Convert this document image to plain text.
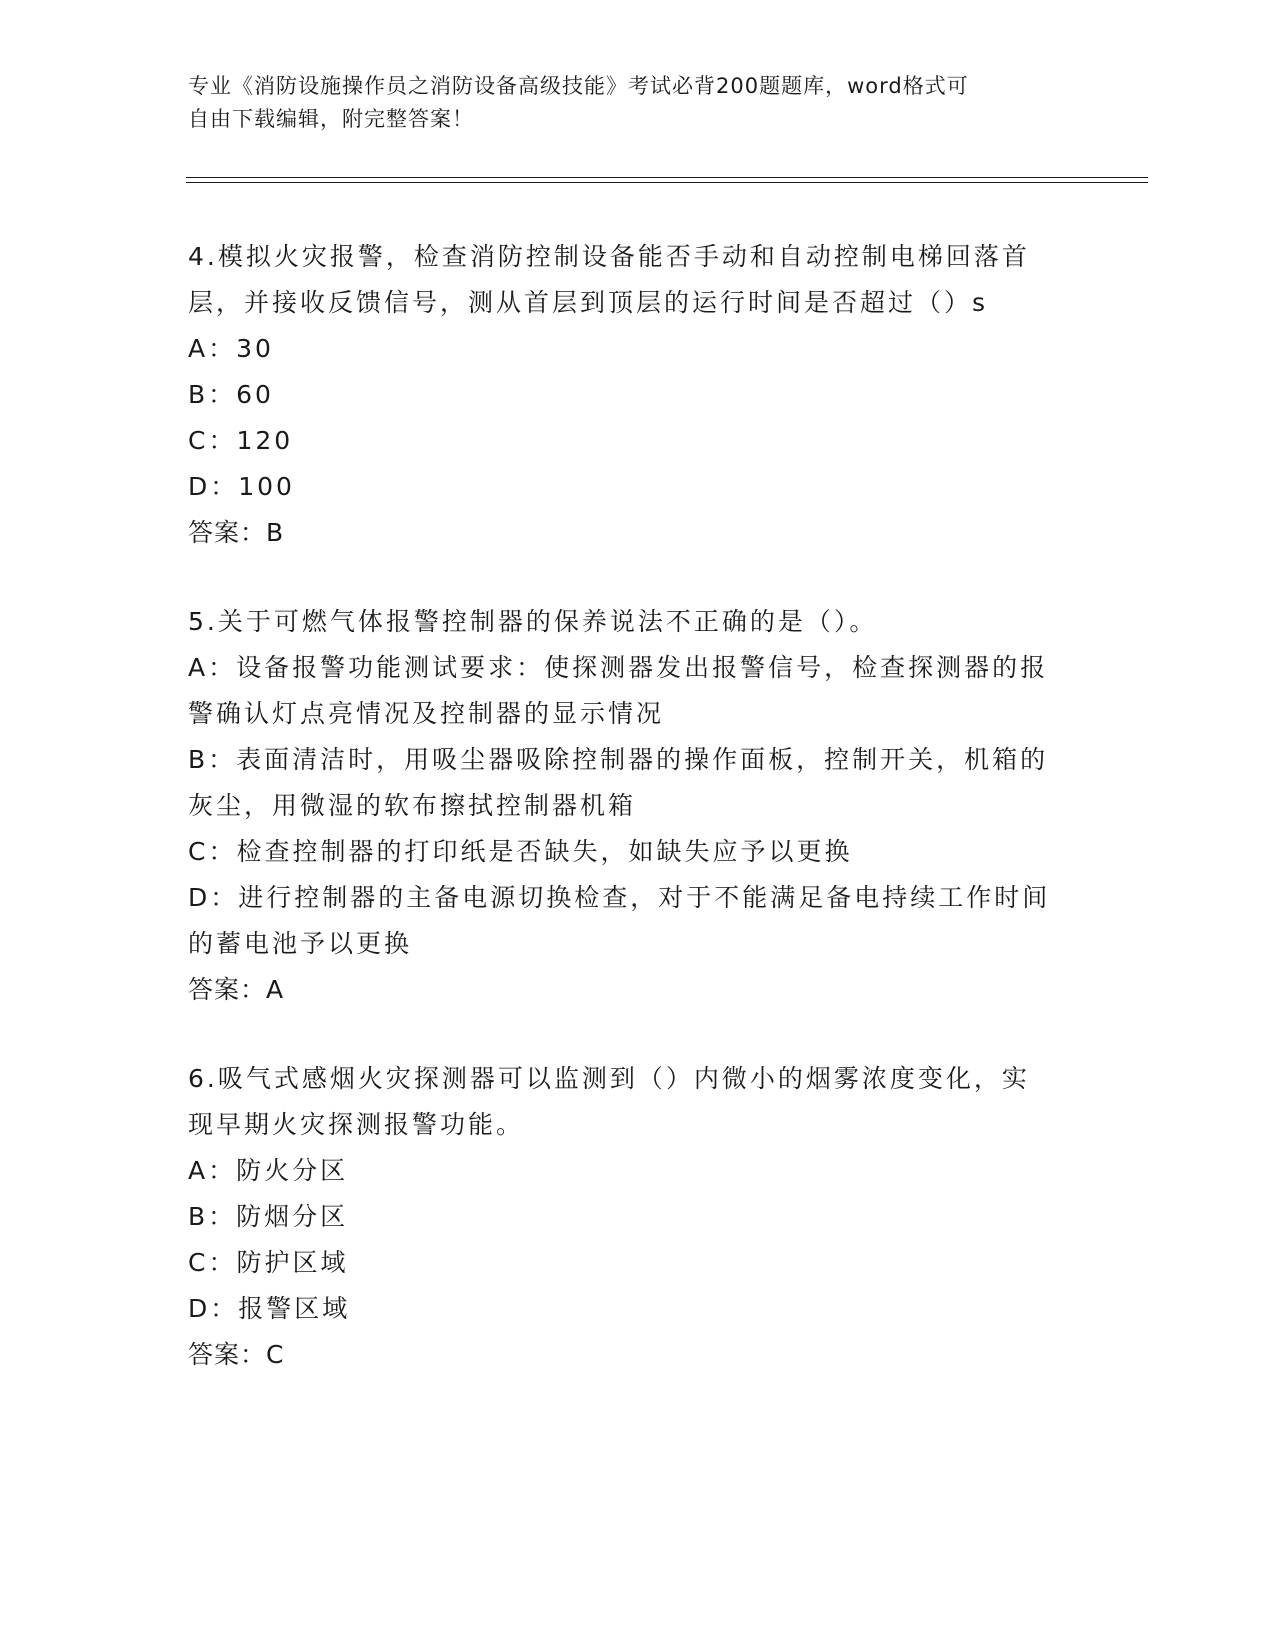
专业《消防设施操作员之消防设备高级技能》考试必背200题题库，word格式可
自由下载编辑，附完整答案！
4.模拟火灾报警，检查消防控制设备能否手动和自动控制电梯回落首
层，并接收反馈信号，测从首层到顶层的运行时间是否超过（）s
A：30
B：60
C：120
D：100
答案：B
5.关于可燃气体报警控制器的保养说法不正确的是（）。
A：设备报警功能测试要求：使探测器发出报警信号，检查探测器的报
警确认灯点亮情况及控制器的显示情况
B：表面清洁时，用吸尘器吸除控制器的操作面板，控制开关，机箱的
灰尘，用微湿的软布擦拭控制器机箱
C：检查控制器的打印纸是否缺失，如缺失应予以更换
D：进行控制器的主备电源切换检查，对于不能满足备电持续工作时间
的蓄电池予以更换
答案：A
6.吸气式感烟火灾探测器可以监测到（）内微小的烟雾浓度变化，实
现早期火灾探测报警功能。
A：防火分区
B：防烟分区
C：防护区域
D：报警区域
答案：C
